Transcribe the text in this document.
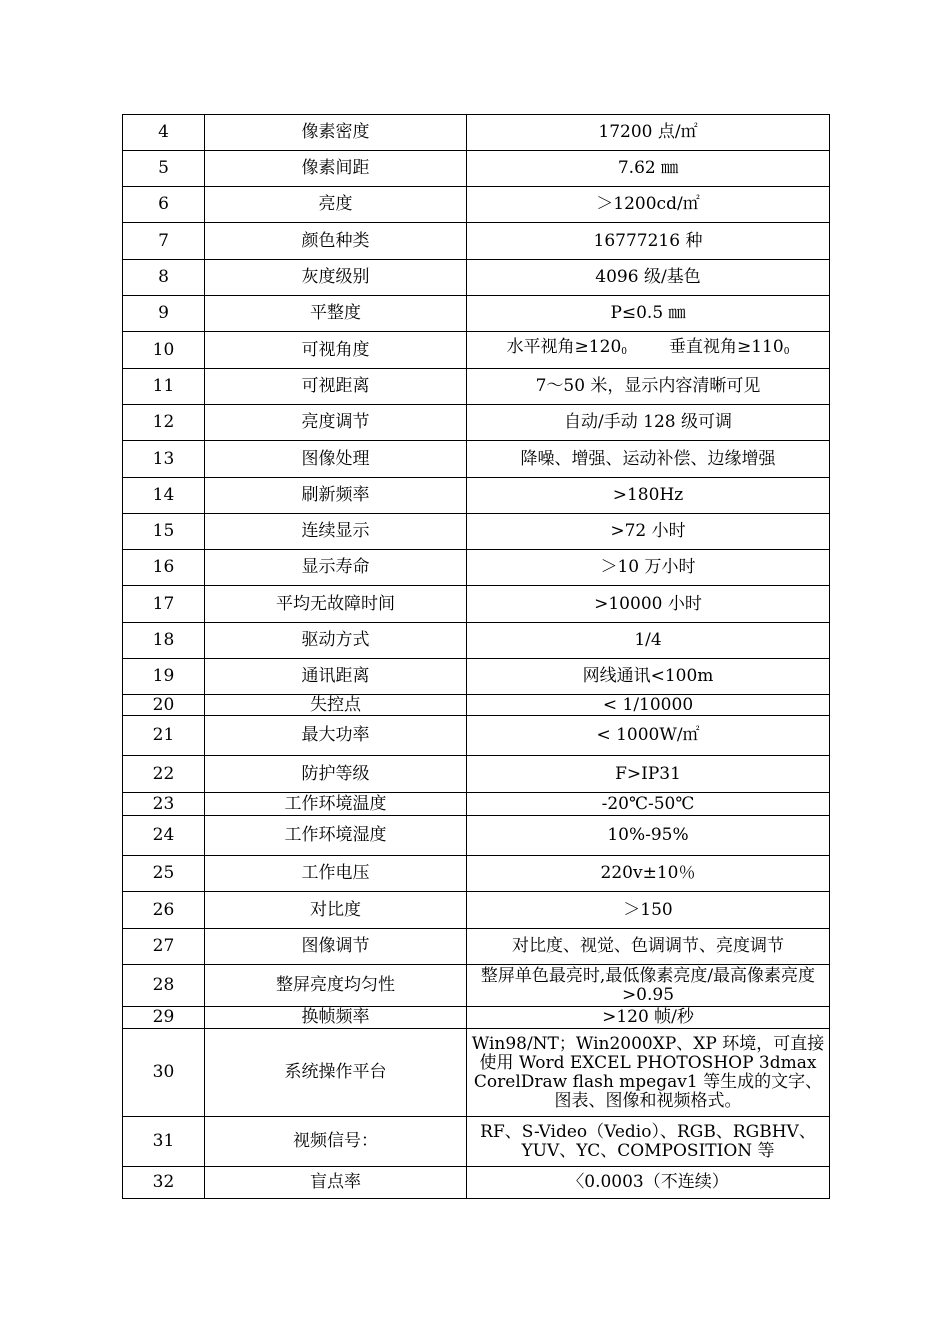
4	像素密度	17200 点/㎡
5	像素间距	7.62 ㎜
6	亮度	＞1200cd/㎡
7	颜色种类	16777216 种
8	灰度级别	4096 级/基色
9	平整度	P≤0.5 ㎜
10	可视角度	水平视角$\ge 120_0$ 垂直视角$\ge 110_0$
11	可视距离	7～50 米，显示内容清晰可见
12	亮度调节	自动/手动 128 级可调
13	图像处理	降噪、增强、运动补偿、边缘增强
14	刷新频率	>180Hz
15	连续显示	>72 小时
16	显示寿命	＞10 万小时
17	平均无故障时间	>10000 小时
18	驱动方式	1/4
19	通讯距离	网线通讯<100m
20	失控点	< 1/10000
21	最大功率	< 1000W/㎡
22	防护等级	F>IP31
23	工作环境温度	-20℃-50℃
24	工作环境湿度	10%-95%
25	工作电压	220v±10％
26	对比度	＞150
27	图像调节	对比度、视觉、色调调节、亮度调节
28	整屏亮度均匀性	整屏单色最亮时,最低像素亮度/最高像素亮度>0.95
29	换帧频率	>120 帧/秒
30	系统操作平台	Win98/NT；Win2000XP、XP 环境，可直接使用 Word EXCEL PHOTOSHOP 3dmax CorelDraw flash mpegav1 等生成的文字、图表、图像和视频格式。
31	视频信号：	RF、S-Video（Vedio）、RGB、RGBHV、YUV、YC、COMPOSITION 等
32	盲点率	〈0.0003（不连续）
